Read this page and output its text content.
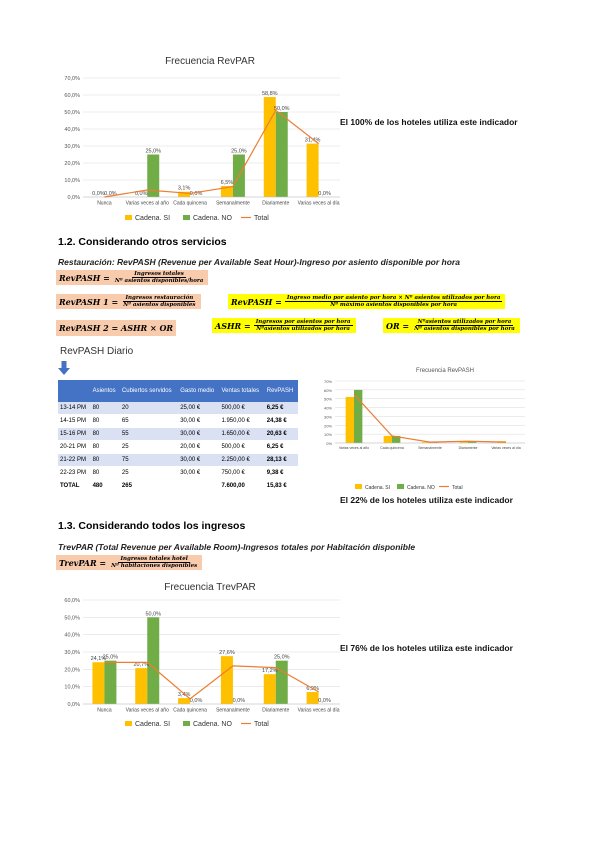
Frecuencia RevPAR
0,0%
10,0%
20,0%
30,0%
40,0%
50,0%
60,0%
70,0%
0,0% 0,0%
Nunca
0,0%
25,0%
Varias veces al año
3,1%
0,0%
Cada quincena
6,5%
25,0%
Semanalmente
58,8%
50,0%
Diariamente
31,4%
0,0%
Varias veces al día
Cadena. SI	Cadena. NO	Total
El 100% de los hoteles utiliza este indicador
1.2. Considerando otros servicios
Restauración: RevPASH (Revenue per Available Seat Hour)-Ingreso por asiento disponible por hora
RevPASH = $\frac{\text{Ingresos totales}}{\text{Nº asientos disponibles/hora}}$
RevPASH $1 = \frac{\text{Ingresos restauración}}{\text{Nº asientos disponibles}}$	RevPASH = Ingreso medio por asiento por hora × Nº asientos utilizados por hora
Nº máximo asientos disponibles por hora
RevPASH 2 = ASHR × OR	ASHR = $\frac{\text{Ingresos por asientos por hora}}{\text{Nºasientos utilizados por hora}}$	OR = $\frac{\text{Nºasientos utilizados por hora}}{\text{Nº asientos disponibles por hora}}$
RevPASH Diario
	Asientos	Cubiertos servidos	Gasto medio	Ventas totales	RevPASH
13-14 PM	80	20	25,00 €	500,00 €	6,25 €
14-15 PM	80	65	30,00 €	1.950,00 €	24,38 €
15-16 PM	80	55	30,00 €	1.650,00 €	20,63 €
20-21 PM	80	25	20,00 €	500,00 €	6,25 €
21-22 PM	80	75	30,00 €	2.250,00 €	28,13 €
22-23 PM	80	25	30,00 €	750,00 €	9,38 €
TOTAL	480	265		7.600,00	15,83 €
Frecuencia RevPASH
0%
10%
20%
30%
40%
50%
60%
70%
Varias veces al año	Cada quincena	Semanalmente	Diariamente	Varias veces al día
Cadena. SI	Cadena. NO	Total
El 22% de los hoteles utiliza este indicador
1.3. Considerando todos los ingresos
TrevPAR (Total Revenue per Available Room)-Ingresos totales por Habitación disponible
TrevPAR = $\frac{\text{Ingresos totales hotel}}{\text{Nº habitaciones disponibles}}$
Frecuencia TrevPAR
0,0%
10,0%
20,0%
30,0%
40,0%
50,0%
60,0%
24,1%
25,0%
Nunca
20,7%
50,0%
Varias veces al año
3,4%
0,0%
Cada quincena
27,6%
0,0%
Semanalmente
17,2%
25,0%
Diariamente
6,9%
0,0%
Varias veces al día
Cadena. SI	Cadena. NO	Total
El 76% de los hoteles utiliza este indicador
